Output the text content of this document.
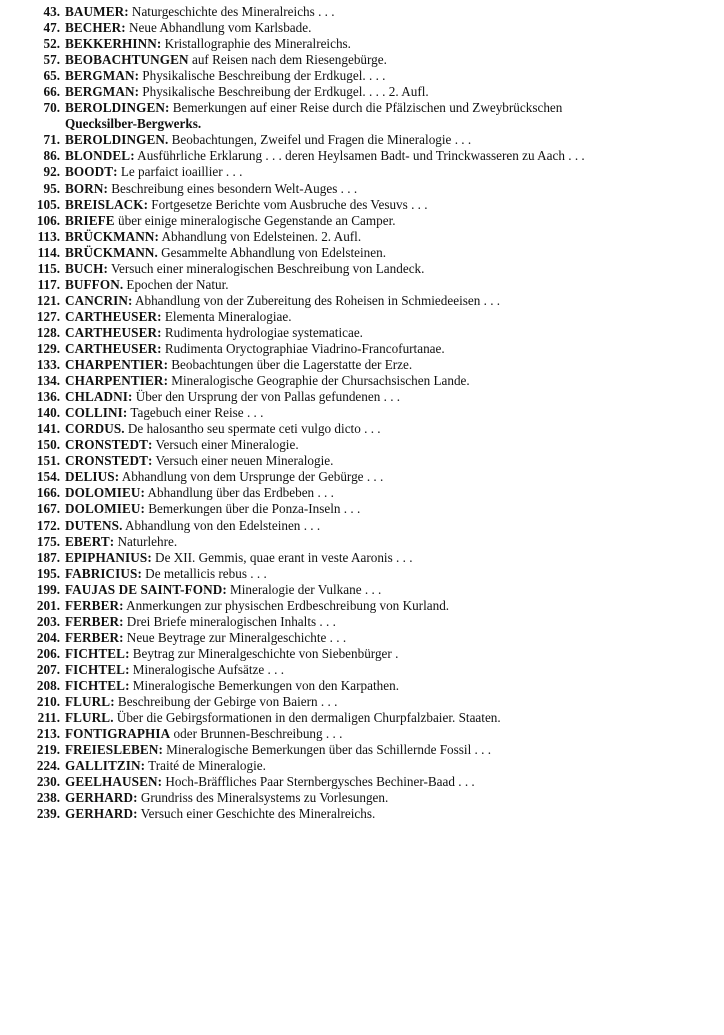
43. BAUMER: Naturgeschichte des Mineralreichs . . .
47. BECHER: Neue Abhandlung vom Karlsbade.
52. BEKKERHINN: Kristallographie des Mineralreichs.
57. BEOBACHTUNGEN auf Reisen nach dem Riesengebürge.
65. BERGMAN: Physikalische Beschreibung der Erdkugel. . . .
66. BERGMAN: Physikalische Beschreibung der Erdkugel. . . . 2. Aufl.
70. BEROLDINGEN: Bemerkungen auf einer Reise durch die Pfälzischen und Zweybrückschen
Quecksilber-Bergwerks.
71. BEROLDINGEN. Beobachtungen, Zweifel und Fragen die Mineralogie . . .
86. BLONDEL: Ausführliche Erklarung . . . deren Heylsamen Badt- und Trinckwasseren zu Aach . . .
92. BOODT: Le parfaict ioaillier . . .
95. BORN: Beschreibung eines besondern Welt-Auges . . .
105. BREISLACK: Fortgesetze Berichte vom Ausbruche des Vesuvs . . .
106. BRIEFE über einige mineralogische Gegenstande an Camper.
113. BRÜCKMANN: Abhandlung von Edelsteinen. 2. Aufl.
114. BRÜCKMANN. Gesammelte Abhandlung von Edelsteinen.
115. BUCH: Versuch einer mineralogischen Beschreibung von Landeck.
117. BUFFON. Epochen der Natur.
121. CANCRIN: Abhandlung von der Zubereitung des Roheisen in Schmiedeeisen . . .
127. CARTHEUSER: Elementa Mineralogiae.
128. CARTHEUSER: Rudimenta hydrologiae systematicae.
129. CARTHEUSER: Rudimenta Oryctographiae Viadrino-Francofurtanae.
133. CHARPENTIER: Beobachtungen über die Lagerstatte der Erze.
134. CHARPENTIER: Mineralogische Geographie der Chursachsischen Lande.
136. CHLADNI: Über den Ursprung der von Pallas gefundenen . . .
140. COLLINI: Tagebuch einer Reise . . .
141. CORDUS. De halosantho seu spermate ceti vulgo dicto . . .
150. CRONSTEDT: Versuch einer Mineralogie.
151. CRONSTEDT: Versuch einer neuen Mineralogie.
154. DELIUS: Abhandlung von dem Ursprunge der Gebürge . . .
166. DOLOMIEU: Abhandlung über das Erdbeben . . .
167. DOLOMIEU: Bemerkungen über die Ponza-Inseln . . .
172. DUTENS. Abhandlung von den Edelsteinen . . .
175. EBERT: Naturlehre.
187. EPIPHANIUS: De XII. Gemmis, quae erant in veste Aaronis . . .
195. FABRICIUS: De metallicis rebus . . .
199. FAUJAS DE SAINT-FOND: Mineralogie der Vulkane . . .
201. FERBER: Anmerkungen zur physischen Erdbeschreibung von Kurland.
203. FERBER: Drei Briefe mineralogischen Inhalts . . .
204. FERBER: Neue Beytrage zur Mineralgeschichte . . .
206. FICHTEL: Beytrag zur Mineralgeschichte von Siebenbürger .
207. FICHTEL: Mineralogische Aufsätze . . .
208. FICHTEL: Mineralogische Bemerkungen von den Karpathen.
210. FLURL: Beschreibung der Gebirge von Baiern . . .
211. FLURL. Über die Gebirgsformationen in den dermaligen Churpfalzbaier. Staaten.
213. FONTIGRAPHIA oder Brunnen-Beschreibung . . .
219. FREIESLEBEN: Mineralogische Bemerkungen über das Schillernde Fossil . . .
224. GALLITZIN: Traité de Mineralogie.
230. GEELHAUSEN: Hoch-Bräffliches Paar Sternbergysches Bechiner-Baad . . .
238. GERHARD: Grundriss des Mineralsystems zu Vorlesungen.
239. GERHARD: Versuch einer Geschichte des Mineralreichs.
